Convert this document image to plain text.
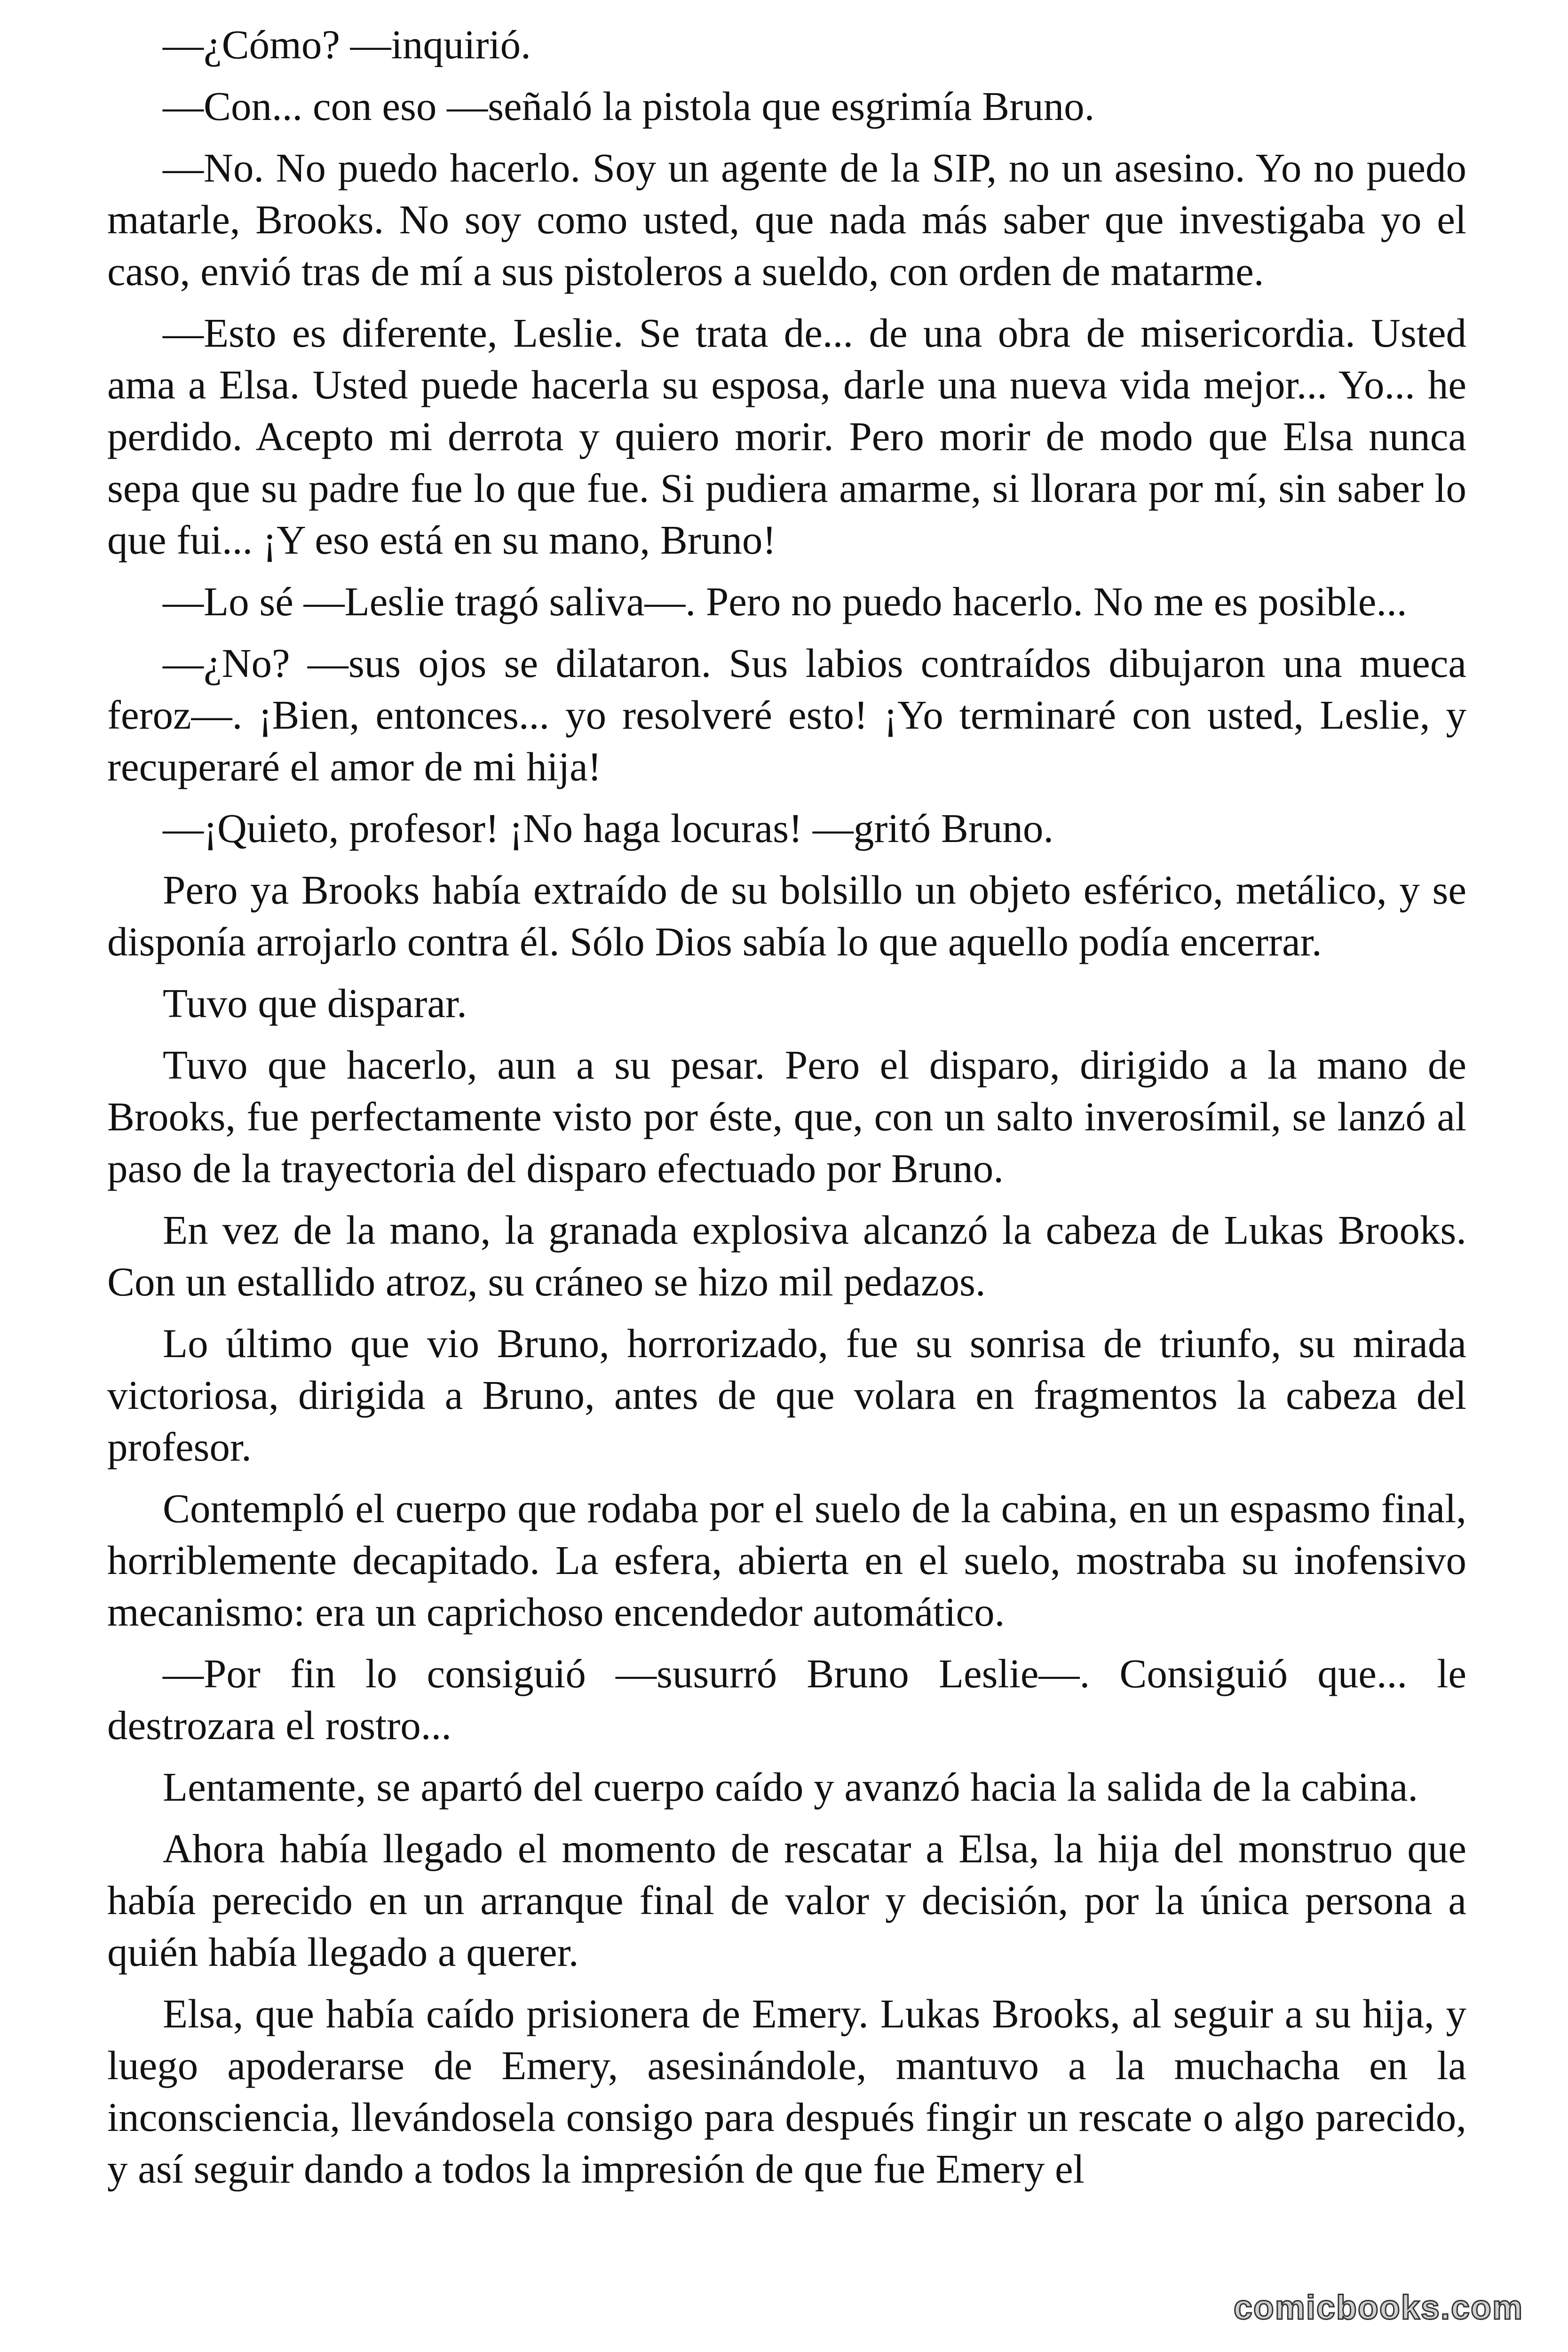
—¿Cómo? —inquirió.

—Con... con eso —señaló la pistola que esgrimía Bruno.

—No. No puedo hacerlo. Soy un agente de la SIP, no un asesino. Yo no puedo matarle, Brooks. No soy como usted, que nada más saber que investigaba yo el caso, envió tras de mí a sus pistoleros a sueldo, con orden de matarme.

—Esto es diferente, Leslie. Se trata de... de una obra de misericordia. Usted ama a Elsa. Usted puede hacerla su esposa, darle una nueva vida mejor... Yo... he perdido. Acepto mi derrota y quiero morir. Pero morir de modo que Elsa nunca sepa que su padre fue lo que fue. Si pudiera amarme, si llorara por mí, sin saber lo que fui... ¡Y eso está en su mano, Bruno!

—Lo sé —Leslie tragó saliva—. Pero no puedo hacerlo. No me es posible...

—¿No? —sus ojos se dilataron. Sus labios contraídos dibujaron una mueca feroz—. ¡Bien, entonces... yo resolveré esto! ¡Yo terminaré con usted, Leslie, y recuperaré el amor de mi hija!

—¡Quieto, profesor! ¡No haga locuras! —gritó Bruno.

Pero ya Brooks había extraído de su bolsillo un objeto esférico, metálico, y se disponía arrojarlo contra él. Sólo Dios sabía lo que aquello podía encerrar.

Tuvo que disparar.

Tuvo que hacerlo, aun a su pesar. Pero el disparo, dirigido a la mano de Brooks, fue perfectamente visto por éste, que, con un salto inverosímil, se lanzó al paso de la trayectoria del disparo efectuado por Bruno.

En vez de la mano, la granada explosiva alcanzó la cabeza de Lukas Brooks. Con un estallido atroz, su cráneo se hizo mil pedazos.

Lo último que vio Bruno, horrorizado, fue su sonrisa de triunfo, su mirada victoriosa, dirigida a Bruno, antes de que volara en fragmentos la cabeza del profesor.

Contempló el cuerpo que rodaba por el suelo de la cabina, en un espasmo final, horriblemente decapitado. La esfera, abierta en el suelo, mostraba su inofensivo mecanismo: era un caprichoso encendedor automático.

—Por fin lo consiguió —susurró Bruno Leslie—. Consiguió que... le destrozara el rostro...

Lentamente, se apartó del cuerpo caído y avanzó hacia la salida de la cabina.

Ahora había llegado el momento de rescatar a Elsa, la hija del monstruo que había perecido en un arranque final de valor y decisión, por la única persona a quién había llegado a querer.

Elsa, que había caído prisionera de Emery. Lukas Brooks, al seguir a su hija, y luego apoderarse de Emery, asesinándole, mantuvo a la muchacha en la inconsciencia, llevándosela consigo para después fingir un rescate o algo parecido, y así seguir dando a todos la impresión de que fue Emery el

comicbooks.com
